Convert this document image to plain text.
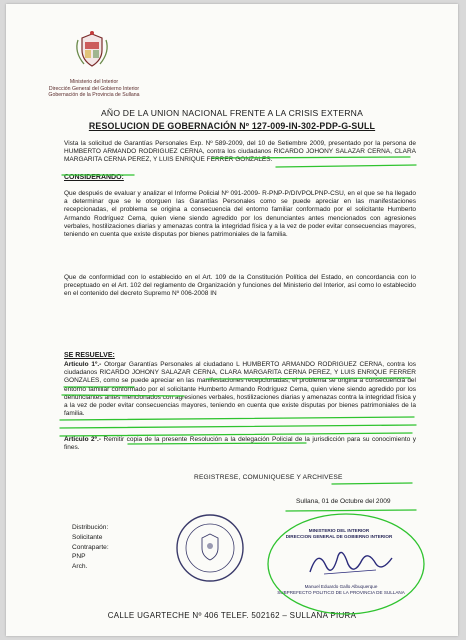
Ministerio del Interior
Dirección General del Gobierno Interior
Gobernación de la Provincia de Sullana
AÑO DE LA UNION NACIONAL FRENTE A LA CRISIS EXTERNA
RESOLUCION DE GOBERNACIÓN Nº 127-009-IN-302-PDP-G-SULL
Vista la solicitud de Garantías Personales Exp. Nº 589-2009, del 10 de Setiembre 2009, presentado por la persona de HUMBERTO ARMANDO RODRIGUEZ CERNA, contra los ciudadanos RICARDO JOHONY SALAZAR CERNA, CLARA MARGARITA CERNA PEREZ, Y LUIS ENRIQUE FERRER GONZALES.
CONSIDERANDO:
Que después de evaluar y analizar el Informe Policial Nº 091-2009- R-PNP-P/DIVPOLPNP-CSU, en el que se ha llegado a determinar que se le otorguen las Garantías Personales como se puede apreciar en las manifestaciones recepcionadas, el problema se origina a consecuencia del entorno familiar conformado por el solicitante Humberto Armando Rodríguez Cema, quien viene siendo agredido por los denunciantes antes mencionados con agresiones verbales, hostilizaciones diarias y amenazas contra la integridad física y a la vez de poder evitar consecuencias mayores, teniendo en cuenta que existe disputas por bienes patrimoniales de la familia.
Que de conformidad con lo establecido en el Art. 109 de la Constitución Política del Estado, en concordancia con lo preceptuado en el Art. 102 del reglamento de Organización y funciones del Ministerio del Interior, así como lo establecido en el contenido del decreto Supremo Nº 006-2008 IN
SE RESUELVE:
Articulo 1º.- Otorgar Garantías Personales al ciudadano L HUMBERTO ARMANDO RODRIGUEZ CERNA, contra los ciudadanos RICARDO JOHONY SALAZAR CERNA, CLARA MARGARITA CERNA PEREZ, Y LUIS ENRIQUE FERRER GONZALES, como se puede apreciar en las manifestaciones recepcionadas, el problema se origina a consecuencia del entorno familiar conformado por el solicitante Humberto Armando Rodríguez Cema, quien viene siendo agredido por los denunciantes antes mencionados con agresiones verbales, hostilizaciones diarias y amenazas contra la integridad física y a la vez de poder evitar consecuencias mayores, teniendo en cuenta que existe disputas por bienes patrimoniales de la familia.
Articulo 2º.- Remitir copia de la presente Resolución a la delegación Policial de la jurisdicción para su conocimiento y fines.
REGISTRESE, COMUNIQUESE Y ARCHIVESE
Sullana, 01 de Octubre del 2009
Distribución:
Solicitante
Contraparte:
PNP
Arch.
MINISTERIO DEL INTERIOR
DIRECCION GENERAL DE GOBIERNO INTERIOR
Manuel Eduardo Gallo Albuquerque
SUBPREFECTO POLITICO DE LA PROVINCIA DE SULLANA
CALLE UGARTECHE Nº 406 TELEF. 502162 – SULLANA PIURA
